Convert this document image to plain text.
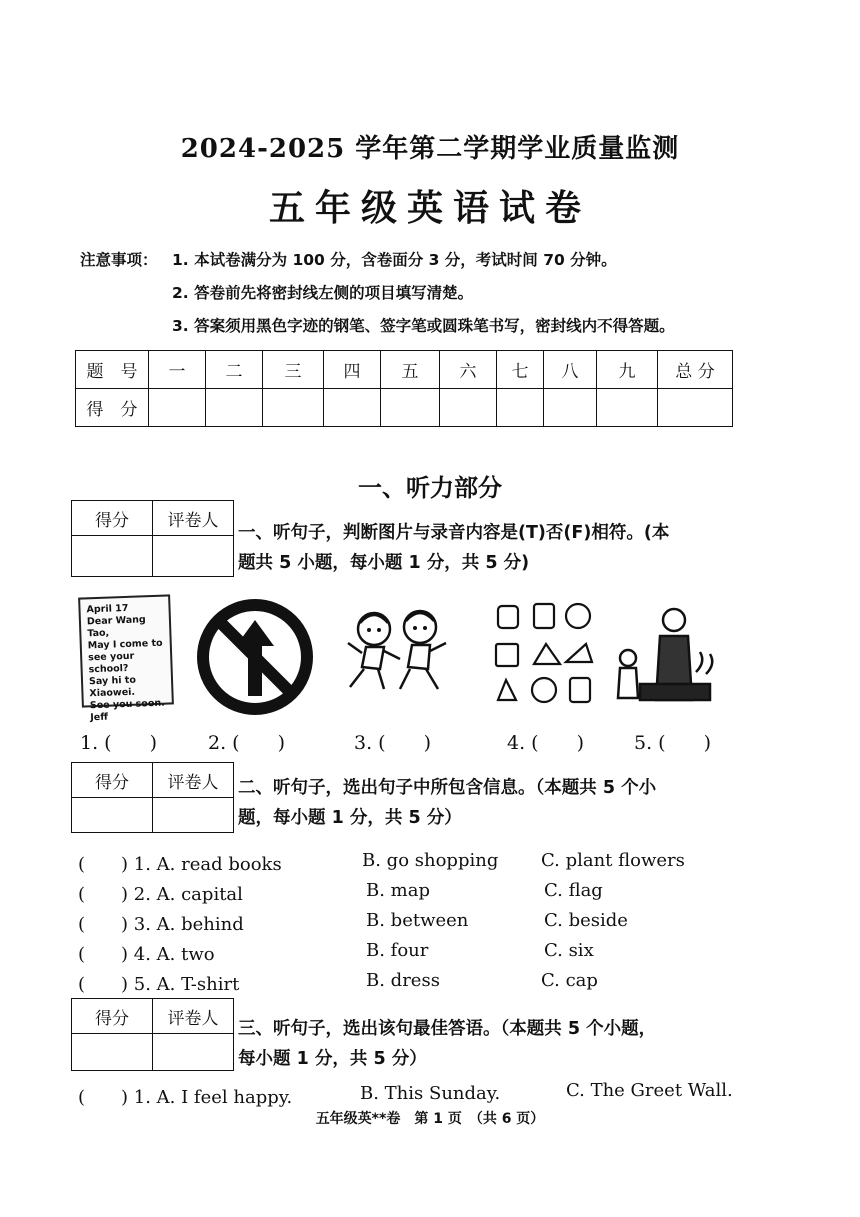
2024-2025 学年第二学期学业质量监测
五年级英语试卷
注意事项： 1. 本试卷满分为 100 分，含卷面分 3 分，考试时间 70 分钟。
2. 答卷前先将密封线左侧的项目填写清楚。
3. 答案须用黑色字迹的钢笔、签字笔或圆珠笔书写，密封线内不得答题。
题　号	一	二	三	四	五	六	七	八	九	总 分
得　分										
一、听力部分
得分	评卷人

一、听句子，判断图片与录音内容是(T)否(F)相符。(本
题共 5 小题，每小题 1 分，共 5 分)
April 17
Dear Wang Tao,
May I come to
see your school?
Say hi to Xiaowei.
See you soon.
Jeff
1. (　　)	2. (　　)	3. (　　)	4. (　　)	5. (　　)
得分	评卷人
	二、听句子，选出句子中所包含信息。（本题共 5 个小
题，每小题 1 分，共 5 分）
(　　) 1. A. read books	B. go shopping C. plant flowers
(　　) 2. A. capital	B. map	C. flag
(　　) 3. A. behind	B. between	C. beside
(　　) 4. A. two	B. four	C. six
(　　) 5. A. T-shirt	B. dress	C. cap
得分	评卷人

三、听句子，选出该句最佳答语。（本题共 5 个小题，
每小题 1 分，共 5 分）
(　　) 1. A. I feel happy.	B. This Sunday.	C. The Greet Wall.
五年级英**卷　第 1 页　（共 6 页）
